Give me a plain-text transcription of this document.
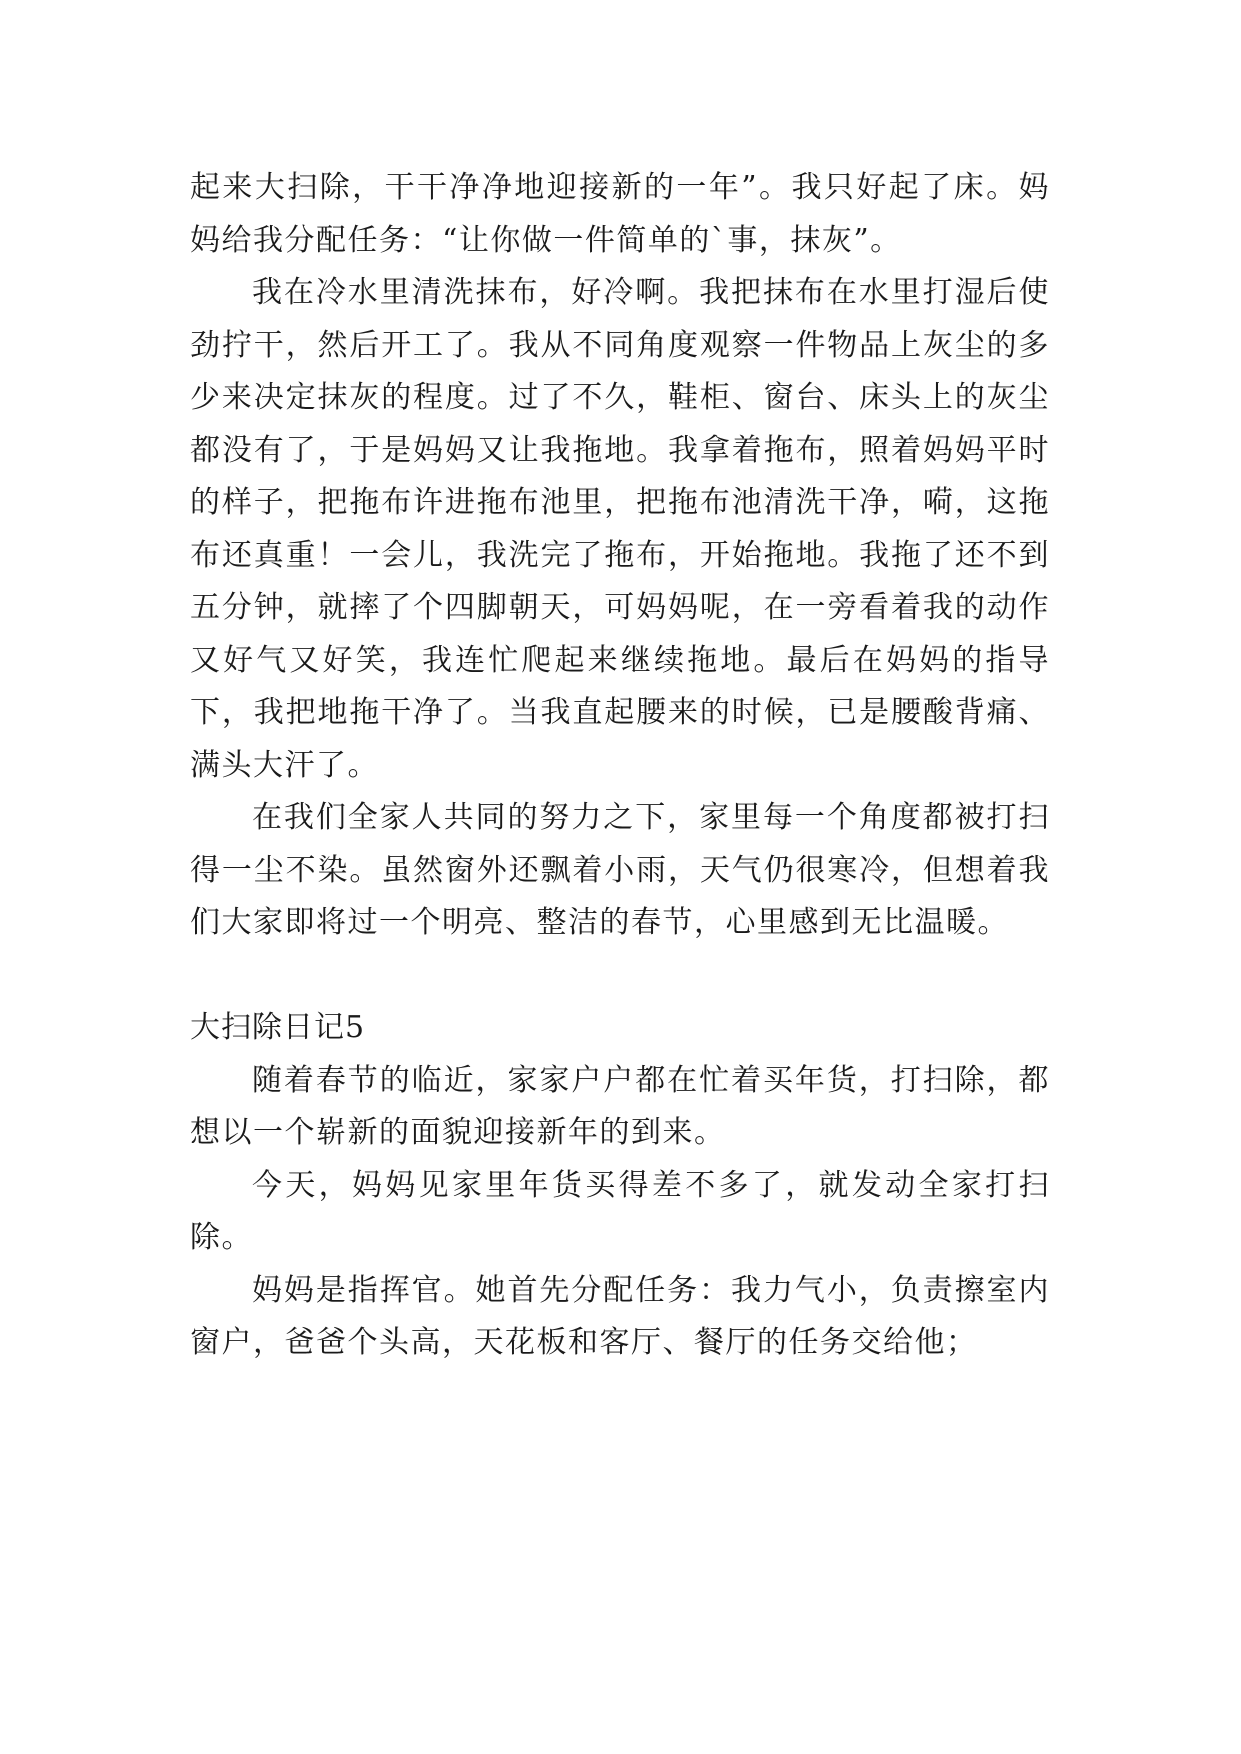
起来大扫除，干干净净地迎接新的一年”。我只好起了床。妈妈给我分配任务：“让你做一件简单的`事，抹灰”。

我在冷水里清洗抹布，好冷啊。我把抹布在水里打湿后使劲拧干，然后开工了。我从不同角度观察一件物品上灰尘的多少来决定抹灰的程度。过了不久，鞋柜、窗台、床头上的灰尘都没有了，于是妈妈又让我拖地。我拿着拖布，照着妈妈平时的样子，把拖布许进拖布池里，把拖布池清洗干净，嗬，这拖布还真重！一会儿，我洗完了拖布，开始拖地。我拖了还不到五分钟，就摔了个四脚朝天，可妈妈呢，在一旁看着我的动作又好气又好笑，我连忙爬起来继续拖地。最后在妈妈的指导下，我把地拖干净了。当我直起腰来的时候，已是腰酸背痛、满头大汗了。

在我们全家人共同的努力之下，家里每一个角度都被打扫得一尘不染。虽然窗外还飘着小雨，天气仍很寒冷，但想着我们大家即将过一个明亮、整洁的春节，心里感到无比温暖。

大扫除日记5

随着春节的临近，家家户户都在忙着买年货，打扫除，都想以一个崭新的面貌迎接新年的到来。

今天，妈妈见家里年货买得差不多了，就发动全家打扫除。

妈妈是指挥官。她首先分配任务：我力气小，负责擦室内窗户，爸爸个头高，天花板和客厅、餐厅的任务交给他；
